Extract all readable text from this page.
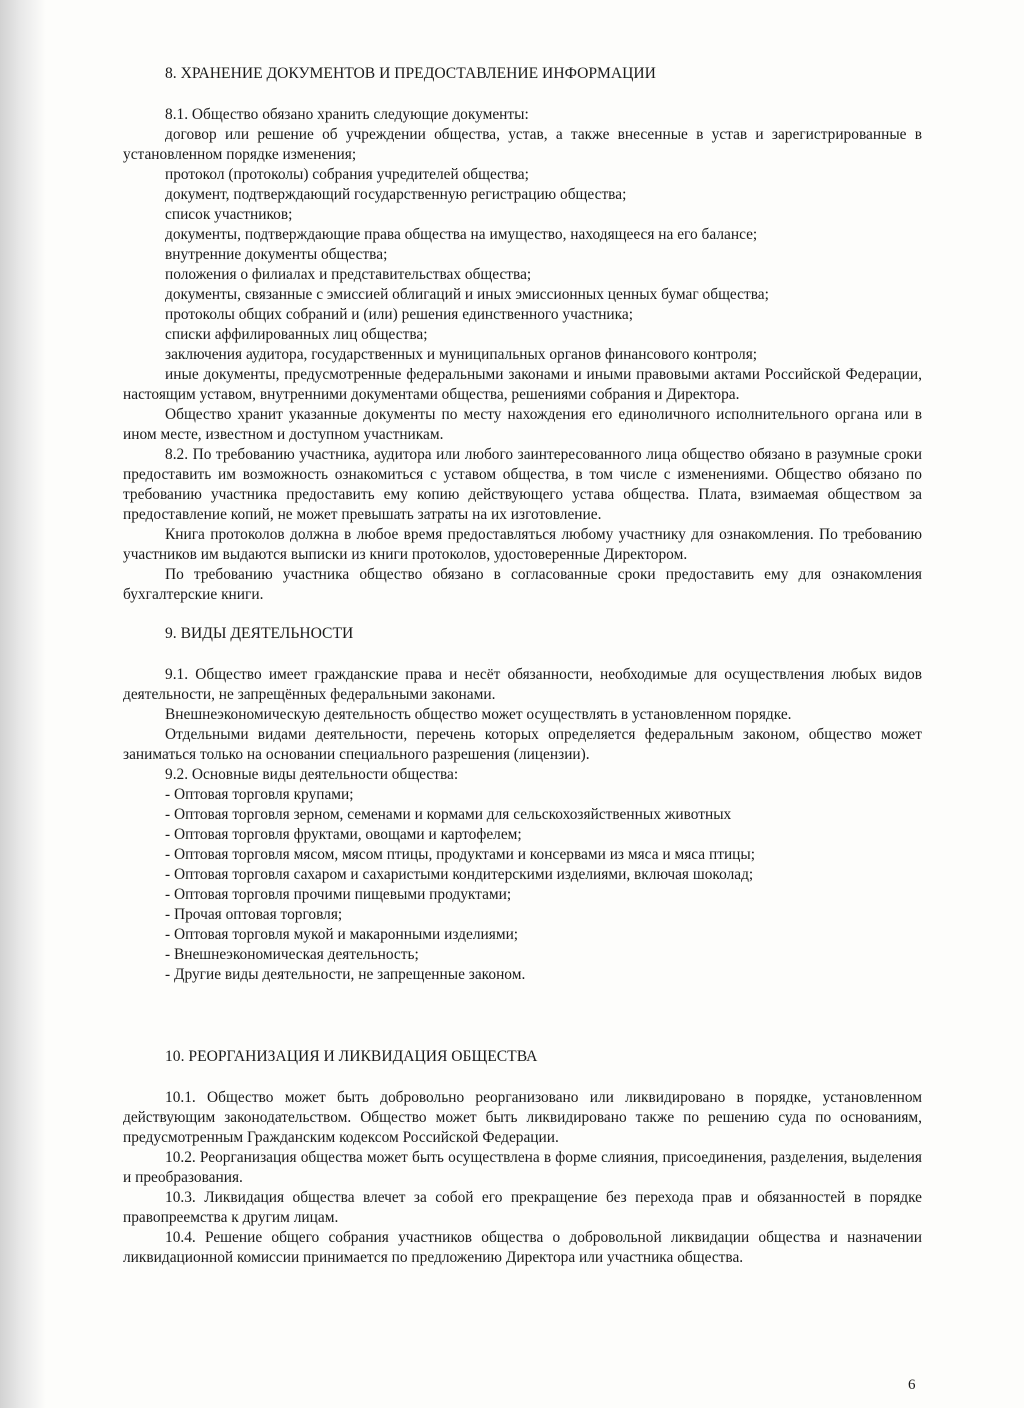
8. ХРАНЕНИЕ ДОКУМЕНТОВ И ПРЕДОСТАВЛЕНИЕ ИНФОРМАЦИИ

8.1. Общество обязано хранить следующие документы:

договор или решение об учреждении общества, устав, а также внесенные в устав и зарегистрированные в установленном порядке изменения;

протокол (протоколы) собрания учредителей общества;

документ, подтверждающий государственную регистрацию общества;

список участников;

документы, подтверждающие права общества на имущество, находящееся на его балансе;

внутренние документы общества;

положения о филиалах и представительствах общества;

документы, связанные с эмиссией облигаций и иных эмиссионных ценных бумаг общества;

протоколы общих собраний и (или) решения единственного участника;

списки аффилированных лиц общества;

заключения аудитора, государственных и муниципальных органов финансового контроля;

иные документы, предусмотренные федеральными законами и иными правовыми актами Российской Федерации, настоящим уставом, внутренними документами общества, решениями собрания и Директора.

Общество хранит указанные документы по месту нахождения его единоличного исполнительного органа или в ином месте, известном и доступном участникам.

8.2. По требованию участника, аудитора или любого заинтересованного лица общество обязано в разумные сроки предоставить им возможность ознакомиться с уставом общества, в том числе с изменениями. Общество обязано по требованию участника предоставить ему копию действующего устава общества. Плата, взимаемая обществом за предоставление копий, не может превышать затраты на их изготовление.

Книга протоколов должна в любое время предоставляться любому участнику для ознакомления. По требованию участников им выдаются выписки из книги протоколов, удостоверенные Директором.

По требованию участника общество обязано в согласованные сроки предоставить ему для ознакомления бухгалтерские книги.

9. ВИДЫ ДЕЯТЕЛЬНОСТИ

9.1. Общество имеет гражданские права и несёт обязанности, необходимые для осуществления любых видов деятельности, не запрещённых федеральными законами.

Внешнеэкономическую деятельность общество может осуществлять в установленном порядке.

Отдельными видами деятельности, перечень которых определяется федеральным законом, общество может заниматься только на основании специального разрешения (лицензии).

9.2. Основные виды деятельности общества:

- Оптовая торговля крупами;

- Оптовая торговля зерном, семенами и кормами для сельскохозяйственных животных

- Оптовая торговля фруктами, овощами и картофелем;

- Оптовая торговля мясом, мясом птицы, продуктами и консервами из мяса и мяса птицы;

- Оптовая торговля сахаром и сахаристыми кондитерскими изделиями, включая шоколад;

- Оптовая торговля прочими пищевыми продуктами;

- Прочая оптовая торговля;

- Оптовая торговля мукой и макаронными изделиями;

- Внешнеэкономическая деятельность;

- Другие виды деятельности, не запрещенные законом.

10. РЕОРГАНИЗАЦИЯ И ЛИКВИДАЦИЯ ОБЩЕСТВА

10.1. Общество может быть добровольно реорганизовано или ликвидировано в порядке, установленном действующим законодательством. Общество может быть ликвидировано также по решению суда по основаниям, предусмотренным Гражданским кодексом Российской Федерации.

10.2. Реорганизация общества может быть осуществлена в форме слияния, присоединения, разделения, выделения и преобразования.

10.3. Ликвидация общества влечет за собой его прекращение без перехода прав и обязанностей в порядке правопреемства к другим лицам.

10.4. Решение общего собрания участников общества о добровольной ликвидации общества и назначении ликвидационной комиссии принимается по предложению Директора или участника общества.

6
